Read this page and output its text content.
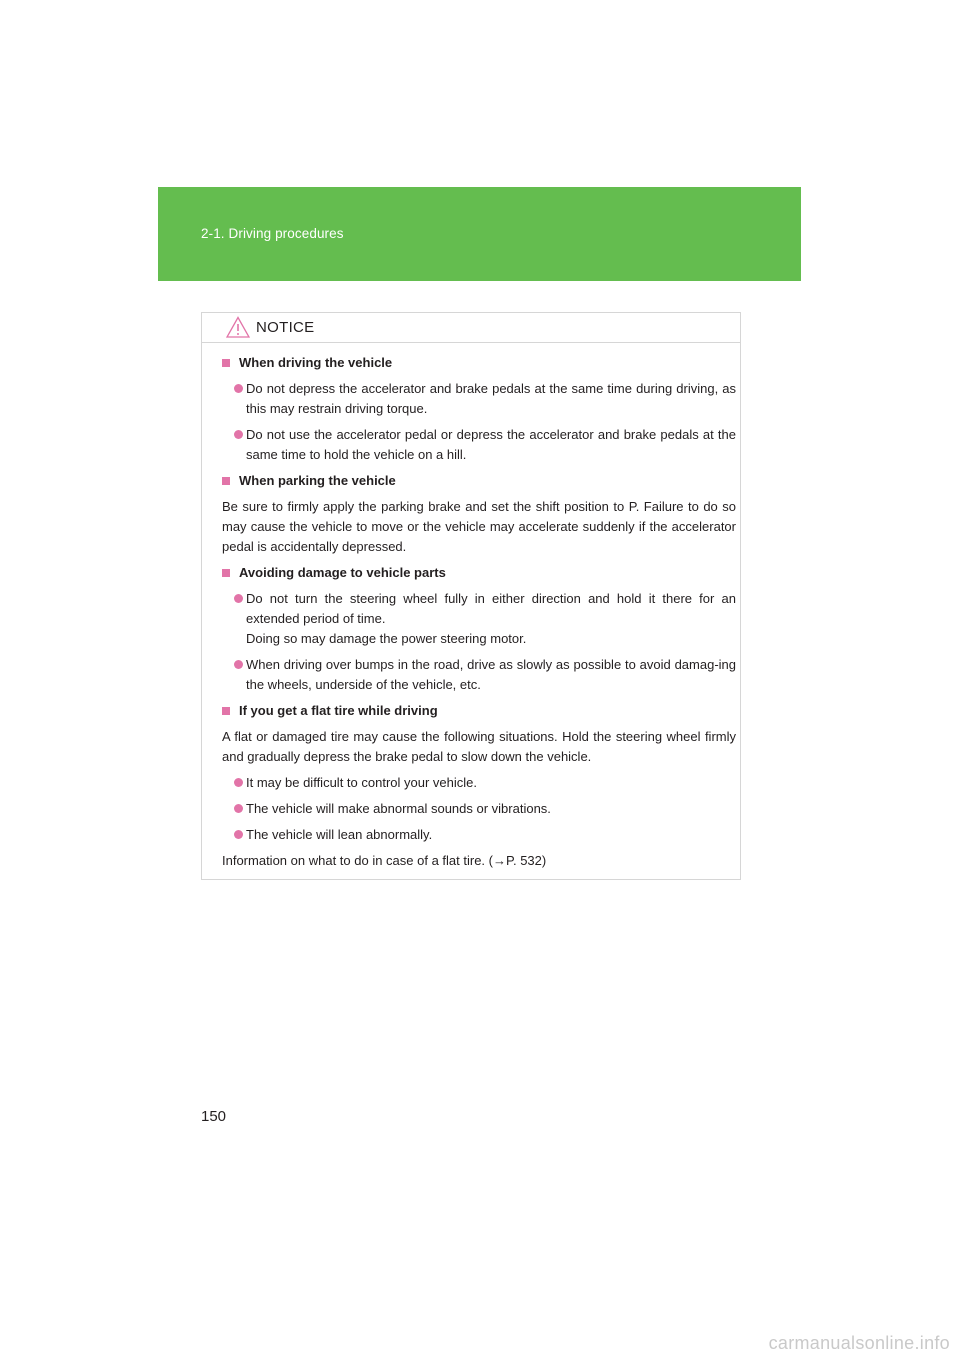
2-1. Driving procedures
NOTICE
When driving the vehicle
Do not depress the accelerator and brake pedals at the same time during driving, as this may restrain driving torque.
Do not use the accelerator pedal or depress the accelerator and brake pedals at the same time to hold the vehicle on a hill.
When parking the vehicle
Be sure to firmly apply the parking brake and set the shift position to P. Failure to do so may cause the vehicle to move or the vehicle may accelerate suddenly if the accelerator pedal is accidentally depressed.
Avoiding damage to vehicle parts
Do not turn the steering wheel fully in either direction and hold it there for an extended period of time.
Doing so may damage the power steering motor.
When driving over bumps in the road, drive as slowly as possible to avoid damag-ing the wheels, underside of the vehicle, etc.
If you get a flat tire while driving
A flat or damaged tire may cause the following situations. Hold the steering wheel firmly and gradually depress the brake pedal to slow down the vehicle.
It may be difficult to control your vehicle.
The vehicle will make abnormal sounds or vibrations.
The vehicle will lean abnormally.
Information on what to do in case of a flat tire. (→P. 532)
150
carmanualsonline.info
